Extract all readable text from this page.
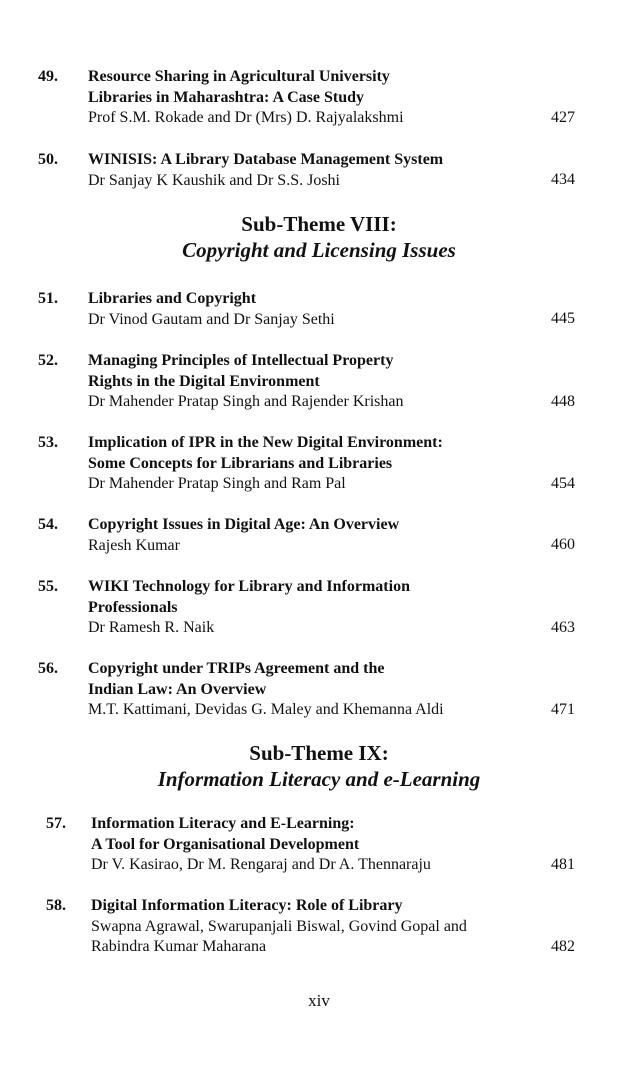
49. Resource Sharing in Agricultural University
Libraries in Maharashtra: A Case Study
Prof S.M. Rokade and Dr (Mrs) D. Rajyalakshmi	427
50. WINISIS: A Library Database Management System
Dr Sanjay K Kaushik and Dr S.S. Joshi	434
Sub-Theme VIII:
Copyright and Licensing Issues
51. Libraries and Copyright
Dr Vinod Gautam and Dr Sanjay Sethi	445
52. Managing Principles of Intellectual Property
Rights in the Digital Environment
Dr Mahender Pratap Singh and Rajender Krishan	448
53. Implication of IPR in the New Digital Environment:
Some Concepts for Librarians and Libraries
Dr Mahender Pratap Singh and Ram Pal	454
54. Copyright Issues in Digital Age: An Overview
Rajesh Kumar	460
55. WIKI Technology for Library and Information
Professionals
Dr Ramesh R. Naik	463
56. Copyright under TRIPs Agreement and the
Indian Law: An Overview
M.T. Kattimani, Devidas G. Maley and Khemanna Aldi	471
Sub-Theme IX:
Information Literacy and e-Learning
57. Information Literacy and E-Learning:
A Tool for Organisational Development
Dr V. Kasirao, Dr M. Rengaraj and Dr A. Thennaraju	481
58. Digital Information Literacy: Role of Library
Swapna Agrawal, Swarupanjali Biswal, Govind Gopal and
Rabindra Kumar Maharana	482
xiv
